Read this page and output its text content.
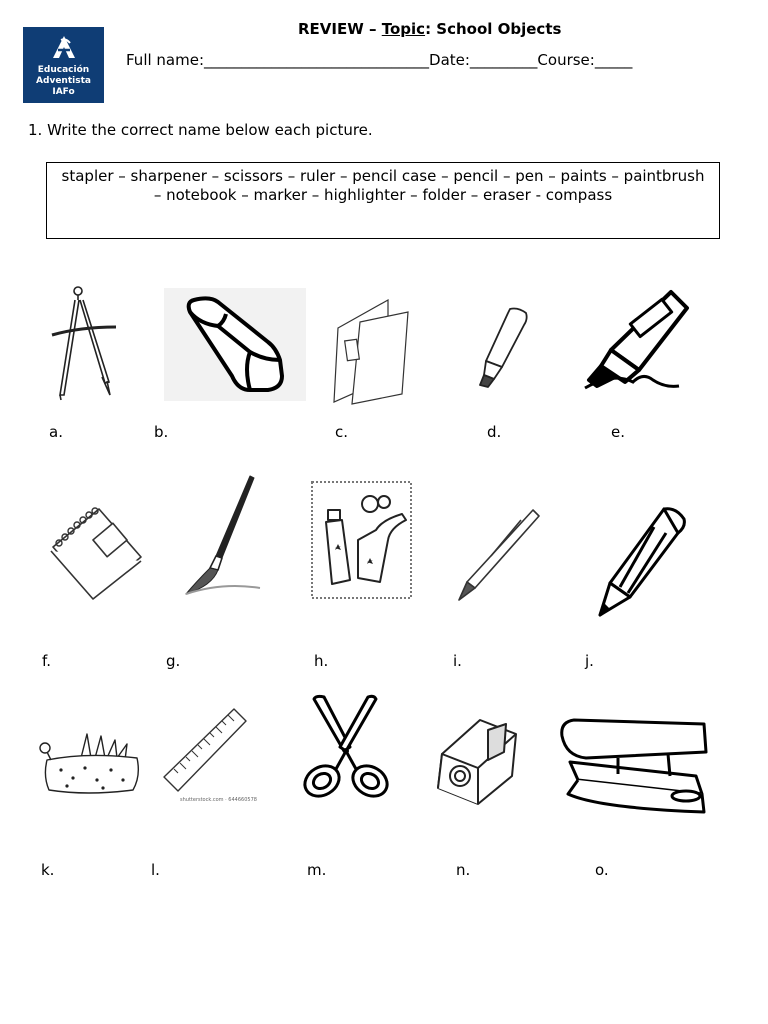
Educación
Adventista
IAFo
REVIEW – Topic: School Objects
Full name:______________________________Date:_________Course:_____
1. Write the correct name below each picture.
stapler – sharpener – scissors – ruler – pencil case – pencil – pen – paints – paintbrush
– notebook – marker – highlighter – folder – eraser - compass
a.	b.	c.	d.	e.
f.	g.	h.	i.	j.
shutterstock.com · 644660578
k.	l.	m.	n.	o.
